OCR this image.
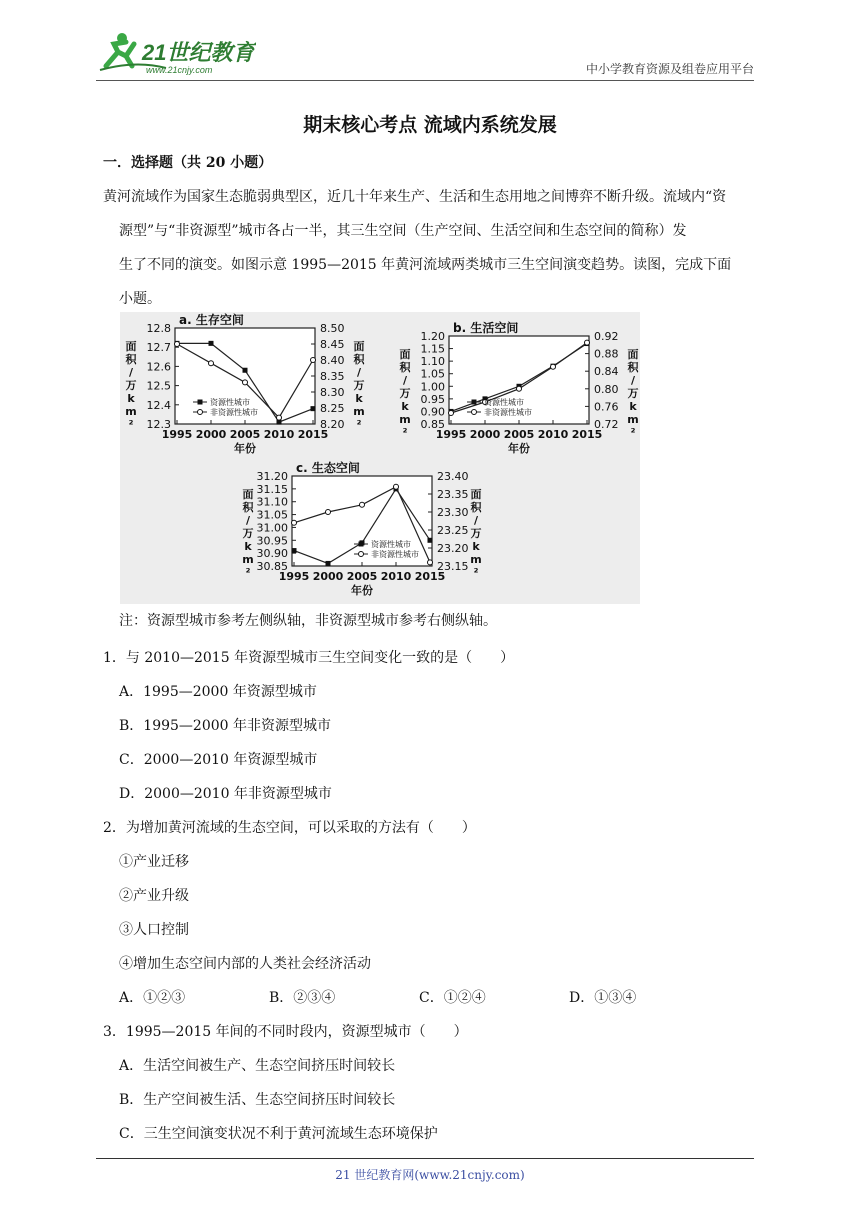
21世纪教育
www.21cnjy.com	中小学教育资源及组卷应用平台
期末核心考点 流域内系统发展
一．选择题（共 20 小题）

黄河流域作为国家生态脆弱典型区，近几十年来生产、生活和生态用地之间博弈不断升级。流域内“资

源型”与“非资源型”城市各占一半，其三生空间（生产空间、生活空间和生态空间的简称）发

生了不同的演变。如图示意 1995—2015 年黄河流域两类城市三生空间演变趋势。读图，完成下面

小题。

a. 生存空间
1995 2000 2005 2010 2015
年份
12.8
12.7
12.6
12.5
12.4
12.3
8.50
8.45
8.40
8.35
8.30
8.25
8.20
面
积
/
万
k
m
²
面
积
/
万
k
m
²
资源性城市
非资源性城市
b. 生活空间
1995 2000 2005 2010 2015
年份
1.20
1.15
1.10
1.05
1.00
0.95
0.90
0.85
0.92
0.88
0.84
0.80
0.76
0.72
面
积
/
万
k
m
²
面
积
/
万
k
m
²
资源性城市
非资源性城市
c. 生态空间
1995 2000 2005 2010 2015
年份
31.20
31.15
31.10
31.05
31.00
30.95
30.90
30.85
23.40
23.35
23.30
23.25
23.20
23.15
面
积
/
万
k
m
²
面
积
/
万
k
m
²
资源性城市
非资源性城市
注：资源型城市参考左侧纵轴，非资源型城市参考右侧纵轴。
1．与 2010—2015 年资源型城市三生空间变化一致的是（　　）
A．1995—2000 年资源型城市
B．1995—2000 年非资源型城市
C．2000—2010 年资源型城市
D．2000—2010 年非资源型城市
2．为增加黄河流域的生态空间，可以采取的方法有（　　）
①产业迁移
②产业升级
③人口控制
④增加生态空间内部的人类社会经济活动
A．①②③	B．②③④	C．①②④	D．①③④
3．1995—2015 年间的不同时段内，资源型城市（　　）
A．生活空间被生产、生态空间挤压时间较长
B．生产空间被生活、生态空间挤压时间较长
C．三生空间演变状况不利于黄河流域生态环境保护
21 世纪教育网(www.21cnjy.com)
